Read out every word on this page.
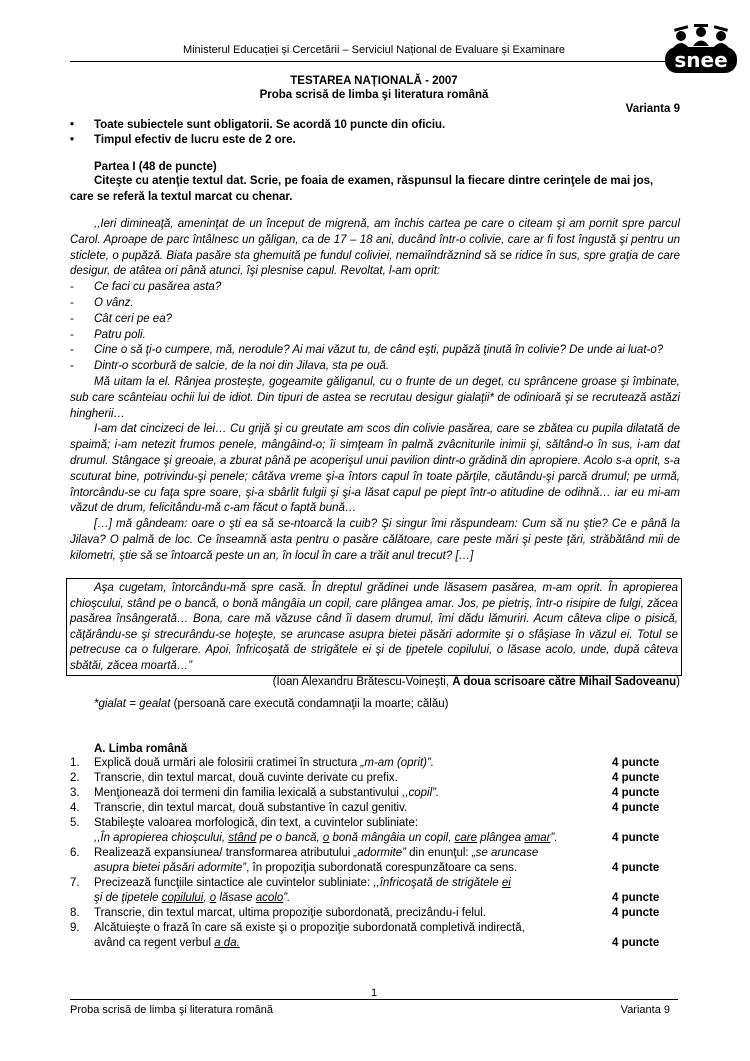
Ministerul Educației și Cercetării – Serviciul Național de Evaluare și Examinare	snee
TESTAREA NAȚIONALĂ - 2007
Proba scrisă de limba şi literatura română
Varianta 9
• Toate subiectele sunt obligatorii. Se acordă 10 puncte din oficiu.
• Timpul efectiv de lucru este de 2 ore.
Partea I (48 de puncte)

Citeşte cu atenţie textul dat. Scrie, pe foaia de examen, răspunsul la fiecare dintre cerinţele de mai jos, care se referă la textul marcat cu chenar.

,,Ieri dimineaţă, ameninţat de un început de migrenă, am închis cartea pe care o citeam şi am pornit spre parcul Carol. Aproape de parc întâlnesc un găligan, ca de 17 – 18 ani, ducând într-o colivie, care ar fi fost îngustă şi pentru un sticlete, o pupăză. Biata pasăre sta ghemuită pe fundul coliviei, nemaiîndrăznind să se ridice în sus, spre graţia de care desigur, de atâtea ori până atunci, îşi plesnise capul. Revoltat, l-am oprit:

- Ce faci cu pasărea asta?

- O vânz.

- Cât ceri pe ea?

- Patru poli.

- Cine o să ţi-o cumpere, mă, nerodule? Ai mai văzut tu, de când eşti, pupăză ţinută în colivie? De unde ai luat-o?

- Dintr-o scorbură de salcie, de la noi din Jilava, sta pe ouă.

Mă uitam la el. Rânjea prosteşte, gogeamite găliganul, cu o frunte de un deget, cu sprâncene groase şi îmbinate, sub care scânteiau ochii lui de idiot. Din tipuri de astea se recrutau desigur gialaţii* de odinioară şi se recrutează astăzi hingherii…

I-am dat cincizeci de lei… Cu grijă şi cu greutate am scos din colivie pasărea, care se zbătea cu pupila dilatată de spaimă; i-am netezit frumos penele, mângâind-o; îi simţeam în palmă zvâcniturile inimii şi, săltând-o în sus, i-am dat drumul. Stângace şi greoaie, a zburat până pe acoperişul unui pavilion dintr-o grădină din apropiere. Acolo s-a oprit, s-a scuturat bine, potrivindu-şi penele; câtăva vreme şi-a întors capul în toate părţile, căutându-şi parcă drumul; pe urmă, întorcându-se cu faţa spre soare, şi-a sbârlit fulgii şi şi-a lăsat capul pe piept într-o atitudine de odihnă… iar eu mi-am văzut de drum, felicitându-mă c-am făcut o faptă bună…

[…] mă gândeam: oare o şti ea să se-ntoarcă la cuib? Şi singur îmi răspundeam: Cum să nu ştie? Ce e până la Jilava? O palmă de loc. Ce înseamnă asta pentru o pasăre călătoare, care peste mări şi peste ţări, străbătând mii de kilometri, ştie să se întoarcă peste un an, în locul în care a trăit anul trecut? […]

Aşa cugetam, întorcându-mă spre casă. În dreptul grădinei unde lăsasem pasărea, m-am oprit. În apropierea chioşcului, stând pe o bancă, o bonă mângâia un copil, care plângea amar. Jos, pe pietriş, într-o risipire de fulgi, zăcea pasărea însângerată… Bona, care mă văzuse când îi dasem drumul, îmi dădu lămuriri. Acum câteva clipe o pisică, căţărându-se şi strecurându-se hoţeşte, se aruncase asupra bietei păsări adormite şi o sfâşiase în văzul ei. Totul se petrecuse ca o fulgerare. Apoi, înfricoşată de strigătele ei şi de ţipetele copilului, o lăsase acolo, unde, după câteva sbătăi, zăcea moartă…”

(Ioan Alexandru Brătescu-Voineşti, A doua scrisoare către Mihail Sadoveanu)
*gialat = gealat (persoană care execută condamnaţii la moarte; călău)
A. Limba română
1.	Explică două urmări ale folosirii cratimei în structura „m-am (oprit)”.	4 puncte
2.	Transcrie, din textul marcat, două cuvinte derivate cu prefix.	4 puncte
3.	Menţionează doi termeni din familia lexicală a substantivului ,,copil”.	4 puncte
4.	Transcrie, din textul marcat, două substantive în cazul genitiv.	4 puncte
5.	Stabileşte valoarea morfologică, din text, a cuvintelor subliniate:
,,În apropierea chioşcului, stând pe o bancă, o bonă mângâia un copil, care plângea amar”.	4 puncte
6.	Realizează expansiunea/ transformarea atributului „adormite” din enunţul: „se aruncase
asupra bietei păsări adormite”, în propoziţia subordonată corespunzătoare ca sens.	4 puncte
7.	Precizează funcţiile sintactice ale cuvintelor subliniate: ,,înfricoşată de strigătele ei
şi de ţipetele copilului, o lăsase acolo”.	4 puncte
8.	Transcrie, din textul marcat, ultima propoziţie subordonată, precizându-i felul.	4 puncte
9.	Alcătuieşte o frază în care să existe şi o propoziţie subordonată completivă indirectă,
având ca regent verbul a da.	4 puncte
1
Proba scrisă de limba şi literatura română	Varianta 9
